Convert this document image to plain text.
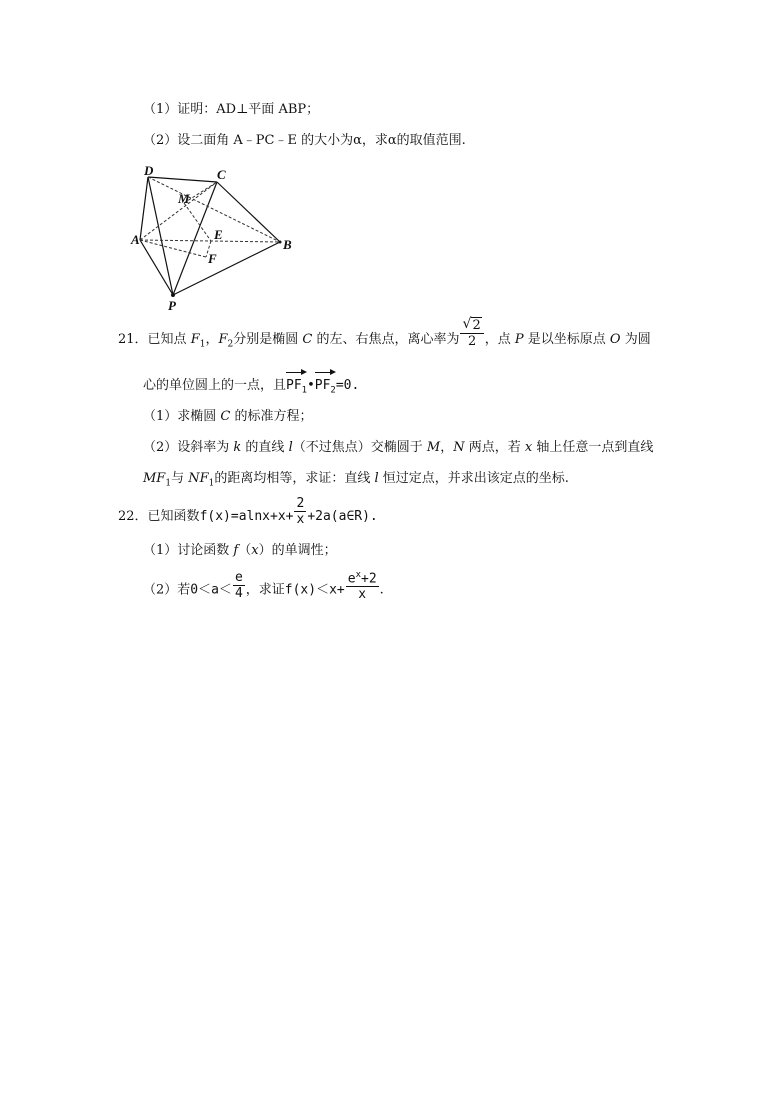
（1）证明：AD⊥平面 ABP；
（2）设二面角 A﹣PC﹣E 的大小为α，求α的取值范围.
D	C
M
A	E
B
F
P
21．已知点 $F_1$，$F_2$分别是椭圆 C 的左、右焦点，离心率为 $\frac{√ 2}{2}$ ，点 P 是以坐标原点 O 为圆
心的单位圆上的一点，且$PF_1•PF_2=0$.
（1）求椭圆 C 的标准方程；
（2）设斜率为 k 的直线 l（不过焦点）交椭圆于 M，N 两点，若 x 轴上任意一点到直线
$MF_1$与 $NF_1$的距离均相等，求证：直线 l 恒过定点，并求出该定点的坐标.
22．已知函数$f(x)=alnx+x+ \frac{2}{x}$ +2a(a∈R).
（1）讨论函数 f（x）的单调性；
（2）若$0<a< \frac{e}{4}$ ，求证$f(x)<x+ \frac{e^x+2}{x}$ .
